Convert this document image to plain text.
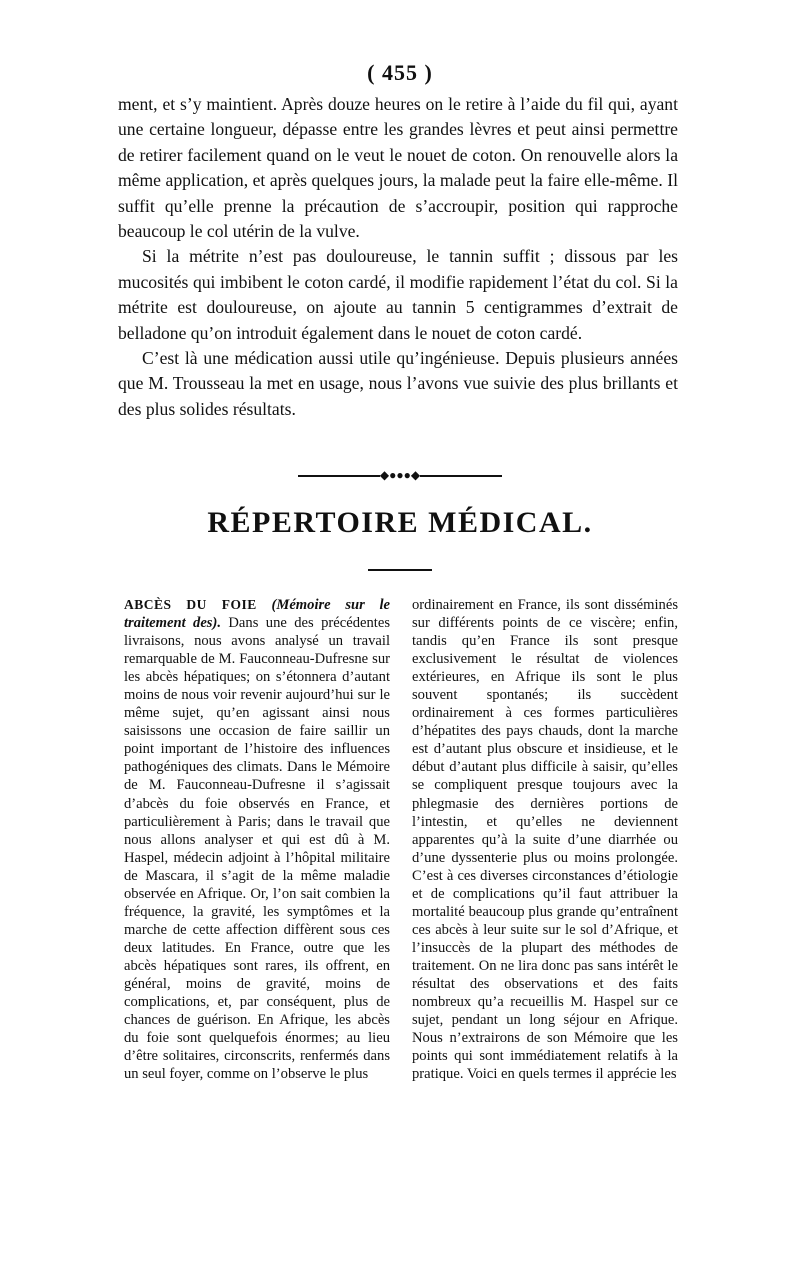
( 455 )

ment, et s’y maintient. Après douze heures on le retire à l’aide du fil qui, ayant une certaine longueur, dépasse entre les grandes lèvres et peut ainsi permettre de retirer facilement quand on le veut le nouet de coton. On renouvelle alors la même application, et après quelques jours, la malade peut la faire elle-même. Il suffit qu’elle prenne la précaution de s’accroupir, position qui rapproche beaucoup le col utérin de la vulve.

Si la métrite n’est pas douloureuse, le tannin suffit ; dissous par les mucosités qui imbibent le coton cardé, il modifie rapidement l’état du col. Si la métrite est douloureuse, on ajoute au tannin 5 centigrammes d’extrait de belladone qu’on introduit également dans le nouet de coton cardé.

C’est là une médication aussi utile qu’ingénieuse. Depuis plusieurs années que M. Trousseau la met en usage, nous l’avons vue suivie des plus brillants et des plus solides résultats.

◆●●●◆
RÉPERTOIRE MÉDICAL.

ABCÈS DU FOIE (Mémoire sur le traitement des). Dans une des précédentes livraisons, nous avons analysé un travail remarquable de M. Fauconneau-Dufresne sur les abcès hépatiques; on s’étonnera d’autant moins de nous voir revenir aujourd’hui sur le même sujet, qu’en agissant ainsi nous saisissons une occasion de faire saillir un point important de l’histoire des influences pathogéniques des climats. Dans le Mémoire de M. Fauconneau-Dufresne il s’agissait d’abcès du foie observés en France, et particulièrement à Paris; dans le travail que nous allons analyser et qui est dû à M. Haspel, médecin adjoint à l’hôpital militaire de Mascara, il s’agit de la même maladie observée en Afrique. Or, l’on sait combien la fréquence, la gravité, les symptômes et la marche de cette affection diffèrent sous ces deux latitudes. En France, outre que les abcès hépatiques sont rares, ils offrent, en général, moins de gravité, moins de complications, et, par conséquent, plus de chances de guérison. En Afrique, les abcès du foie sont quelquefois énormes; au lieu d’être solitaires, circonscrits, renfermés dans un seul foyer, comme on l’observe le plus

ordinairement en France, ils sont disséminés sur différents points de ce viscère; enfin, tandis qu’en France ils sont presque exclusivement le résultat de violences extérieures, en Afrique ils sont le plus souvent spontanés; ils succèdent ordinairement à ces formes particulières d’hépatites des pays chauds, dont la marche est d’autant plus obscure et insidieuse, et le début d’autant plus difficile à saisir, qu’elles se compliquent presque toujours avec la phlegmasie des dernières portions de l’intestin, et qu’elles ne deviennent apparentes qu’à la suite d’une diarrhée ou d’une dyssenterie plus ou moins prolongée. C’est à ces diverses circonstances d’étiologie et de complications qu’il faut attribuer la mortalité beaucoup plus grande qu’entraînent ces abcès à leur suite sur le sol d’Afrique, et l’insuccès de la plupart des méthodes de traitement. On ne lira donc pas sans intérêt le résultat des observations et des faits nombreux qu’a recueillis M. Haspel sur ce sujet, pendant un long séjour en Afrique. Nous n’extrairons de son Mémoire que les points qui sont immédiatement relatifs à la pratique. Voici en quels termes il apprécie les
